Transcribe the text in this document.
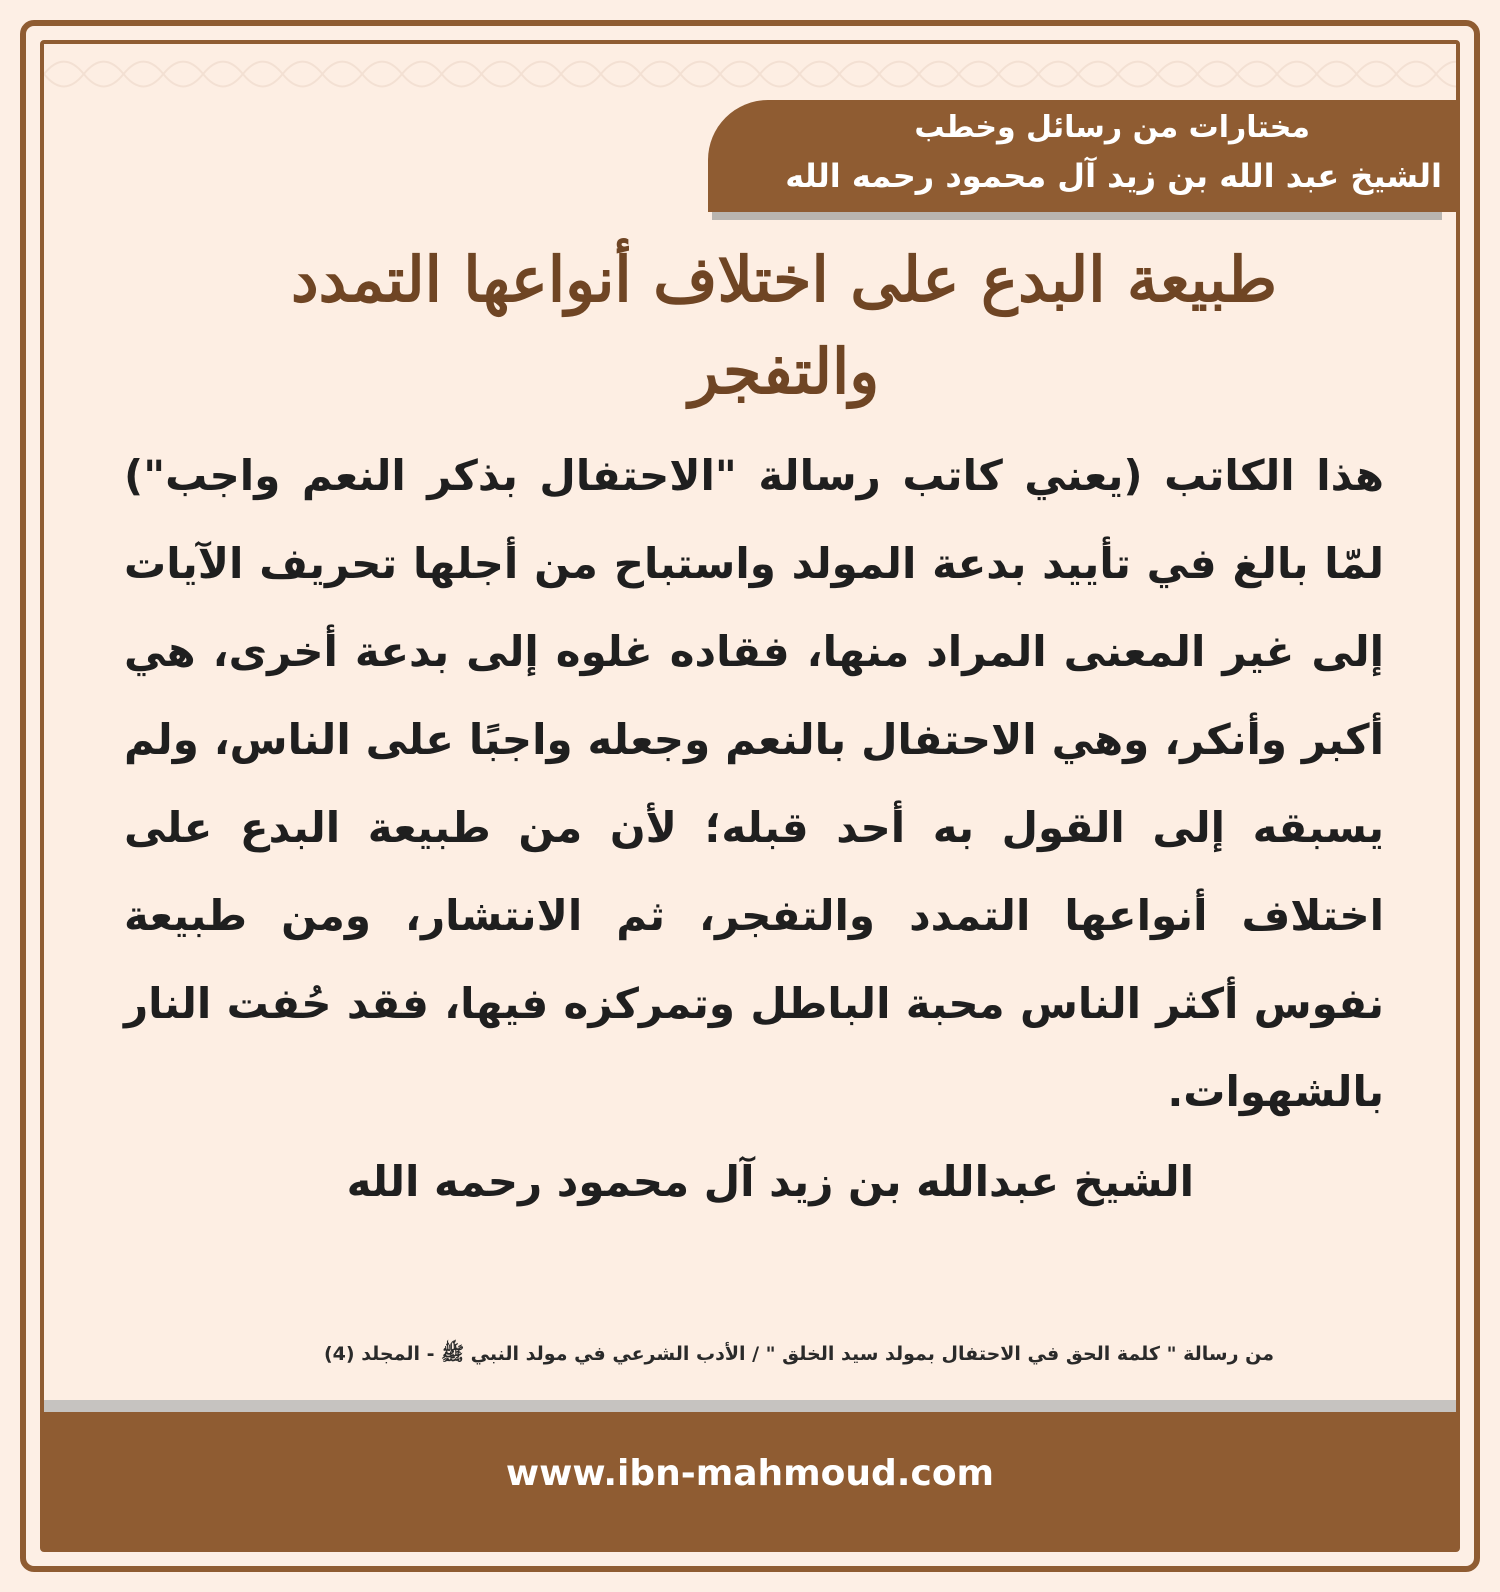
مختارات من رسائل وخطب
الشيخ عبد الله بن زيد آل محمود رحمه الله
طبيعة البدع على اختلاف أنواعها التمدد والتفجر

هذا الكاتب (يعني كاتب رسالة "الاحتفال بذكر النعم واجب") لمّا بالغ في تأييد بدعة المولد واستباح من أجلها تحريف الآيات إلى غير المعنى المراد منها، فقاده غلوه إلى بدعة أخرى، هي أكبر وأنكر، وهي الاحتفال بالنعم وجعله واجبًا على الناس، ولم يسبقه إلى القول به أحد قبله؛ لأن من طبيعة البدع على اختلاف أنواعها التمدد والتفجر، ثم الانتشار، ومن طبيعة نفوس أكثر الناس محبة الباطل وتمركزه فيها، فقد حُفت النار بالشهوات.

الشيخ عبدالله بن زيد آل محمود رحمه الله
من رسالة " كلمة الحق في الاحتفال بمولد سيد الخلق " / الأدب الشرعي في مولد النبي ﷺ - المجلد (4)
www.ibn-mahmoud.com
